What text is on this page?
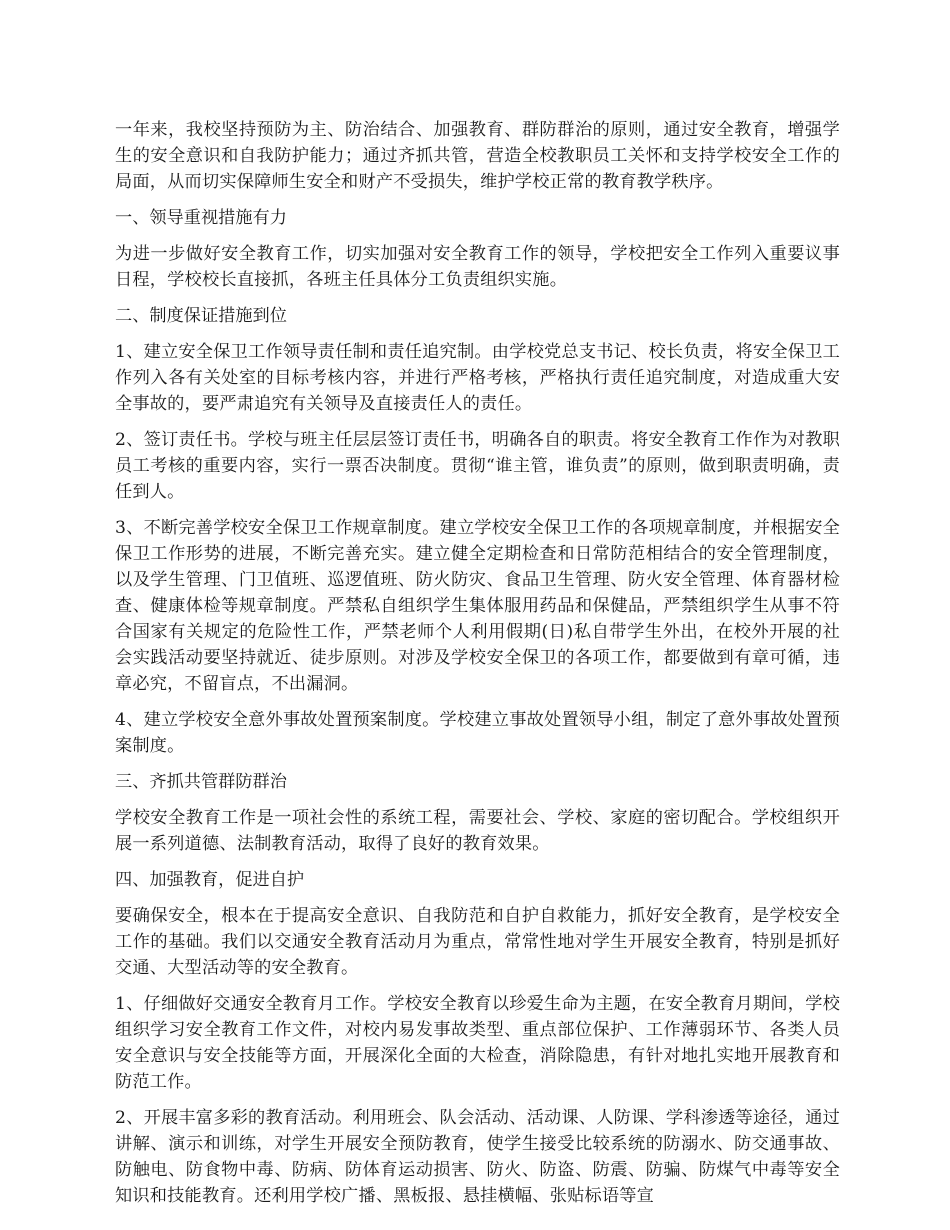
一年来，我校坚持预防为主、防治结合、加强教育、群防群治的原则，通过安全教育，增强学生的安全意识和自我防护能力；通过齐抓共管，营造全校教职员工关怀和支持学校安全工作的局面，从而切实保障师生安全和财产不受损失，维护学校正常的教育教学秩序。

一、领导重视措施有力

为进一步做好安全教育工作，切实加强对安全教育工作的领导，学校把安全工作列入重要议事日程，学校校长直接抓，各班主任具体分工负责组织实施。

二、制度保证措施到位

1、建立安全保卫工作领导责任制和责任追究制。由学校党总支书记、校长负责，将安全保卫工作列入各有关处室的目标考核内容，并进行严格考核，严格执行责任追究制度，对造成重大安全事故的，要严肃追究有关领导及直接责任人的责任。

2、签订责任书。学校与班主任层层签订责任书，明确各自的职责。将安全教育工作作为对教职员工考核的重要内容，实行一票否决制度。贯彻“谁主管，谁负责”的原则，做到职责明确，责任到人。

3、不断完善学校安全保卫工作规章制度。建立学校安全保卫工作的各项规章制度，并根据安全保卫工作形势的进展，不断完善充实。建立健全定期检查和日常防范相结合的安全管理制度，以及学生管理、门卫值班、巡逻值班、防火防灾、食品卫生管理、防火安全管理、体育器材检查、健康体检等规章制度。严禁私自组织学生集体服用药品和保健品，严禁组织学生从事不符合国家有关规定的危险性工作，严禁老师个人利用假期(日)私自带学生外出，在校外开展的社会实践活动要坚持就近、徒步原则。对涉及学校安全保卫的各项工作，都要做到有章可循，违章必究，不留盲点，不出漏洞。

4、建立学校安全意外事故处置预案制度。学校建立事故处置领导小组，制定了意外事故处置预案制度。

三、齐抓共管群防群治

学校安全教育工作是一项社会性的系统工程，需要社会、学校、家庭的密切配合。学校组织开展一系列道德、法制教育活动，取得了良好的教育效果。

四、加强教育，促进自护

要确保安全，根本在于提高安全意识、自我防范和自护自救能力，抓好安全教育，是学校安全工作的基础。我们以交通安全教育活动月为重点，常常性地对学生开展安全教育，特别是抓好交通、大型活动等的安全教育。

1、仔细做好交通安全教育月工作。学校安全教育以珍爱生命为主题，在安全教育月期间，学校组织学习安全教育工作文件，对校内易发事故类型、重点部位保护、工作薄弱环节、各类人员安全意识与安全技能等方面，开展深化全面的大检查，消除隐患，有针对地扎实地开展教育和防范工作。

2、开展丰富多彩的教育活动。利用班会、队会活动、活动课、人防课、学科渗透等途径，通过讲解、演示和训练，对学生开展安全预防教育，使学生接受比较系统的防溺水、防交通事故、防触电、防食物中毒、防病、防体育运动损害、防火、防盗、防震、防骗、防煤气中毒等安全知识和技能教育。还利用学校广播、黑板报、悬挂横幅、张贴标语等宣
